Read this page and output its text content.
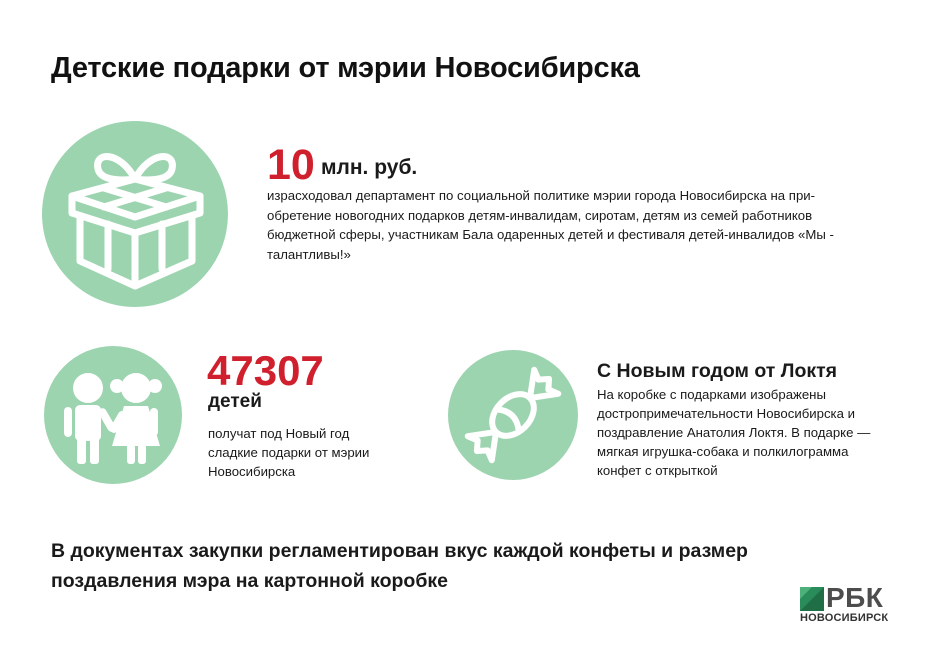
Детские подарки от мэрии Новосибирска
10 млн. руб.
израсходовал департамент по социальной политике мэрии города Новосибирска на приобретение новогодних подарков детям-инвалидам, сиротам, детям из семей работников бюджетной сферы, участникам Бала одаренных детей и фестиваля детей-инвалидов «Мы - талантливы!»
47307
детей
получат под Новый год сладкие подарки от мэрии Новосибирска
С Новым годом от Локтя
На коробке с подарками изображены достропримечательности Новосибирска и поздравление Анатолия Локтя. В подарке — мягкая игрушка-собака и полкилограмма конфет с открыткой
В документах закупки регламентирован вкус каждой конфеты и размер поздавления мэра на картонной коробке
РБК
НОВОСИБИРСК
